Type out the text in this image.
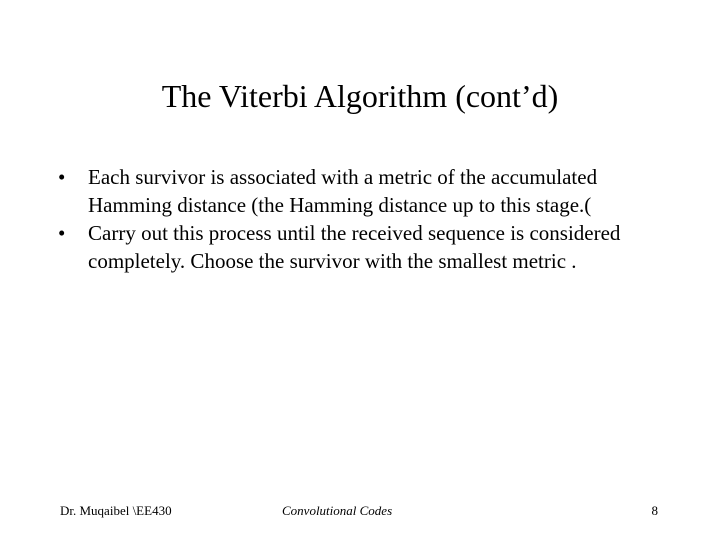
The Viterbi Algorithm (cont’d)
•	Each survivor is associated with a metric of the accumulated Hamming distance (the Hamming distance up to this stage.(
•	Carry out this process until the received sequence is considered completely. Choose the survivor with the smallest metric .
Dr. Muqaibel \EE430	Convolutional Codes	8
